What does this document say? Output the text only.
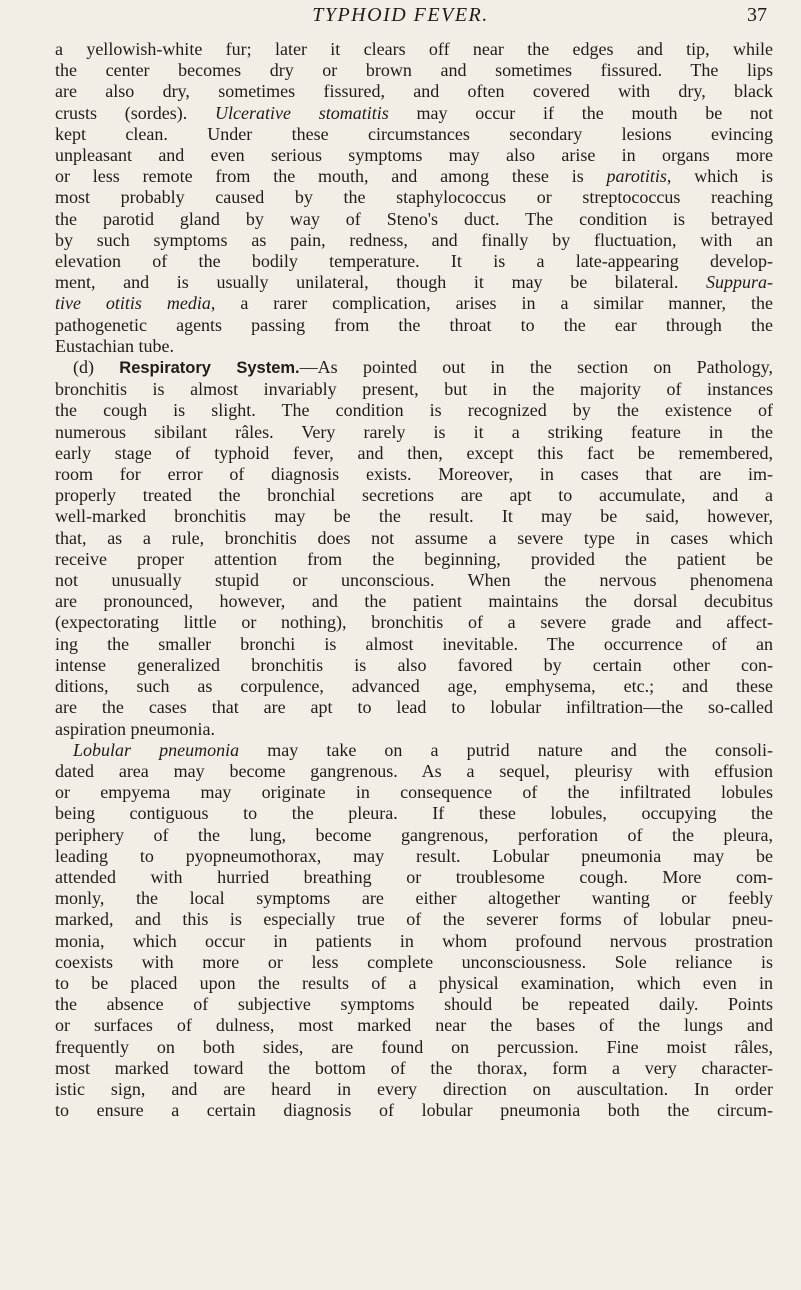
TYPHOID FEVER.	37

a yellowish-white fur; later it clears off near the edges and tip, while

the center becomes dry or brown and sometimes fissured. The lips

are also dry, sometimes fissured, and often covered with dry, black

crusts (sordes). Ulcerative stomatitis may occur if the mouth be not

kept clean. Under these circumstances secondary lesions evincing

unpleasant and even serious symptoms may also arise in organs more

or less remote from the mouth, and among these is parotitis, which is

most probably caused by the staphylococcus or streptococcus reaching

the parotid gland by way of Steno's duct. The condition is betrayed

by such symptoms as pain, redness, and finally by fluctuation, with an

elevation of the bodily temperature. It is a late-appearing develop-

ment, and is usually unilateral, though it may be bilateral. Suppura-

tive otitis media, a rarer complication, arises in a similar manner, the

pathogenetic agents passing from the throat to the ear through the

Eustachian tube.

(d) Respiratory System.—As pointed out in the section on Pathology,

bronchitis is almost invariably present, but in the majority of instances

the cough is slight. The condition is recognized by the existence of

numerous sibilant râles. Very rarely is it a striking feature in the

early stage of typhoid fever, and then, except this fact be remembered,

room for error of diagnosis exists. Moreover, in cases that are im-

properly treated the bronchial secretions are apt to accumulate, and a

well-marked bronchitis may be the result. It may be said, however,

that, as a rule, bronchitis does not assume a severe type in cases which

receive proper attention from the beginning, provided the patient be

not unusually stupid or unconscious. When the nervous phenomena

are pronounced, however, and the patient maintains the dorsal decubitus

(expectorating little or nothing), bronchitis of a severe grade and affect-

ing the smaller bronchi is almost inevitable. The occurrence of an

intense generalized bronchitis is also favored by certain other con-

ditions, such as corpulence, advanced age, emphysema, etc.; and these

are the cases that are apt to lead to lobular infiltration—the so-called

aspiration pneumonia.

Lobular pneumonia may take on a putrid nature and the consoli-

dated area may become gangrenous. As a sequel, pleurisy with effusion

or empyema may originate in consequence of the infiltrated lobules

being contiguous to the pleura. If these lobules, occupying the

periphery of the lung, become gangrenous, perforation of the pleura,

leading to pyopneumothorax, may result. Lobular pneumonia may be

attended with hurried breathing or troublesome cough. More com-

monly, the local symptoms are either altogether wanting or feebly

marked, and this is especially true of the severer forms of lobular pneu-

monia, which occur in patients in whom profound nervous prostration

coexists with more or less complete unconsciousness. Sole reliance is

to be placed upon the results of a physical examination, which even in

the absence of subjective symptoms should be repeated daily. Points

or surfaces of dulness, most marked near the bases of the lungs and

frequently on both sides, are found on percussion. Fine moist râles,

most marked toward the bottom of the thorax, form a very character-

istic sign, and are heard in every direction on auscultation. In order

to ensure a certain diagnosis of lobular pneumonia both the circum-
